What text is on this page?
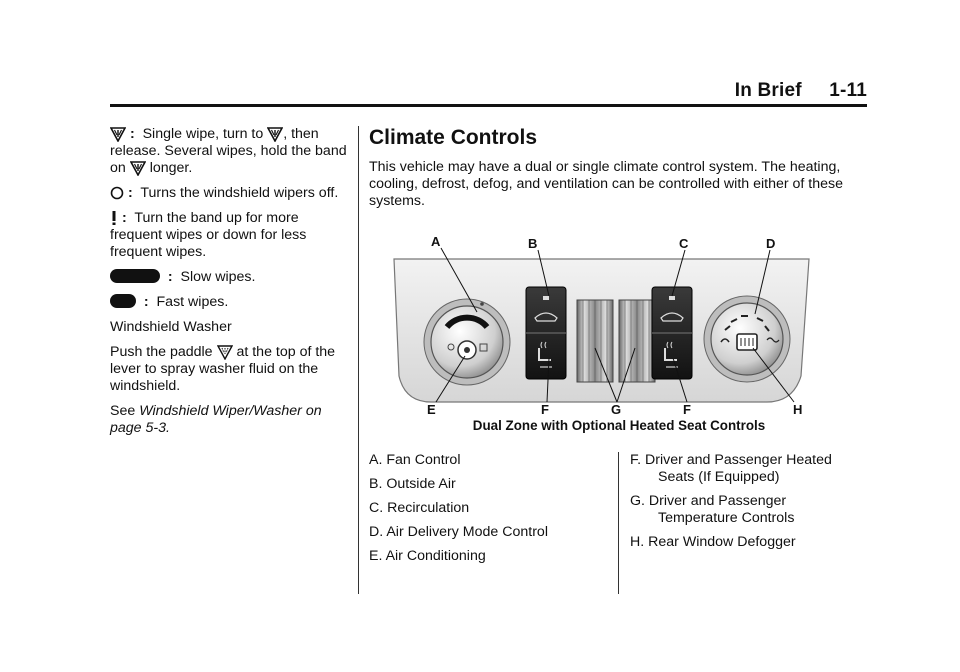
In Brief 1-11

: Single wipe, turn to , then release. Several wipes, hold the band on longer.

: Turns the windshield wipers off.

: Turn the band up for more frequent wipes or down for less frequent wipes.

: Slow wipes.

: Fast wipes.

Windshield Washer

Push the paddle at the top of the lever to spray washer fluid on the windshield.

See Windshield Wiper/Washer on page 5-3.

Climate Controls

This vehicle may have a dual or single climate control system. The heating, cooling, defrost, defog, and ventilation can be controlled with either of these systems.

A	B	C	D
E	F	G	F	H
Dual Zone with Optional Heated Seat Controls
A. Fan Control
B. Outside Air
C. Recirculation
D. Air Delivery Mode Control
E. Air Conditioning
F. Driver and Passenger Heated
Seats (If Equipped)
G. Driver and Passenger
Temperature Controls
H. Rear Window Defogger
